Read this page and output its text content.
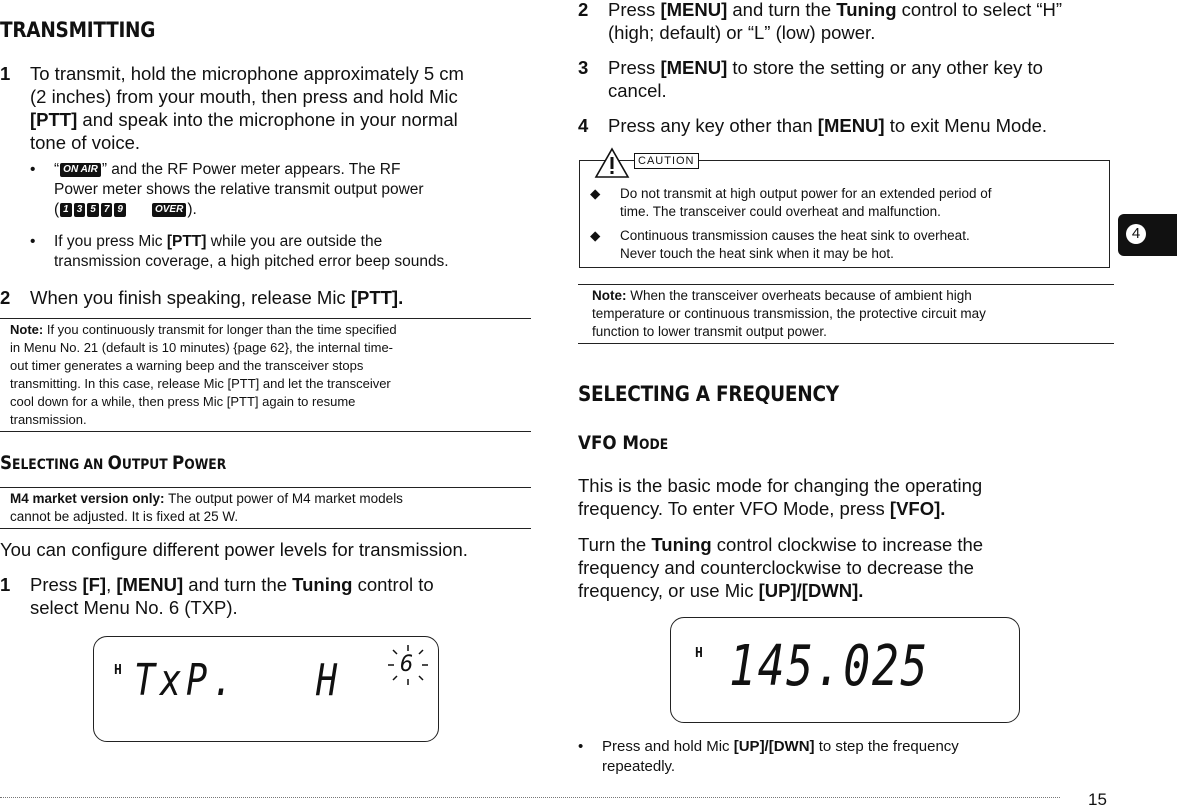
TRANSMITTING
1 To transmit, hold the microphone approximately 5 cm
(2 inches) from your mouth, then press and hold Mic
[PTT] and speak into the microphone in your normal
tone of voice.
• “ ON AIR ” and the RF Power meter appears. The RF
Power meter shows the relative transmit output power
( 1 3 5 7 9	OVER ).
• If you press Mic [PTT] while you are outside the
transmission coverage, a high pitched error beep sounds.
2 When you finish speaking, release Mic [PTT].
Note: If you continuously transmit for longer than the time specified
in Menu No. 21 (default is 10 minutes) {page 62}, the internal time-
out timer generates a warning beep and the transceiver stops
transmitting. In this case, release Mic [PTT] and let the transceiver
cool down for a while, then press Mic [PTT] again to resume
transmission.
SELECTING AN OUTPUT POWER
M4 market version only: The output power of M4 market models
cannot be adjusted. It is fixed at 25 W.
You can configure different power levels for transmission.
1 Press [F], [MENU] and turn the Tuning control to
select Menu No. 6 (TXP).
H TxP.   H	6
2 Press [MENU] and turn the Tuning control to select “H”
(high; default) or “L” (low) power.
3 Press [MENU] to store the setting or any other key to
cancel.
4 Press any key other than [MENU] to exit Menu Mode.
CAUTION
◆	Do not transmit at high output power for an extended period of
time. The transceiver could overheat and malfunction.
◆	Continuous transmission causes the heat sink to overheat.
Never touch the heat sink when it may be hot.
Note: When the transceiver overheats because of ambient high
temperature or continuous transmission, the protective circuit may
function to lower transmit output power.
SELECTING A FREQUENCY
VFO MODE
This is the basic mode for changing the operating
frequency. To enter VFO Mode, press [VFO].
Turn the Tuning control clockwise to increase the
frequency and counterclockwise to decrease the
frequency, or use Mic [UP]/[DWN].
H 145.025
• Press and hold Mic [UP]/[DWN] to step the frequency
repeatedly.
4
15
